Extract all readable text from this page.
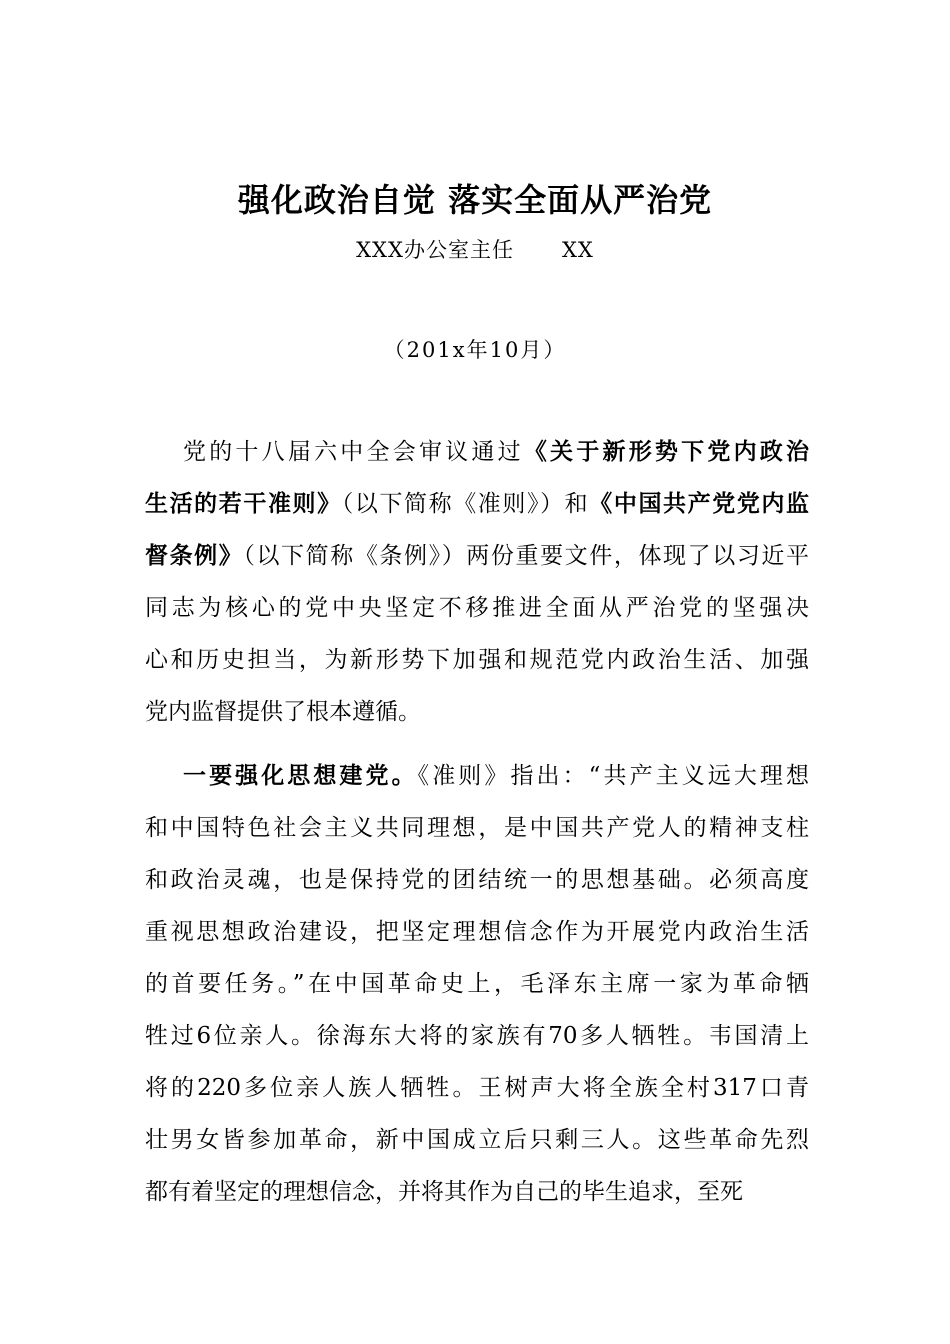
强化政治自觉 落实全面从严治党
XXX办公室主任 XX
（201x年10月）
党的十八届六中全会审议通过《关于新形势下党内政治
生活的若干准则》（以下简称《准则》）和《中国共产党党内监
督条例》（以下简称《条例》）两份重要文件，体现了以习近平
同志为核心的党中央坚定不移推进全面从严治党的坚强决
心和历史担当，为新形势下加强和规范党内政治生活、加强
党内监督提供了根本遵循。
一要强化思想建党。《准则》指出：“共产主义远大理想
和中国特色社会主义共同理想，是中国共产党人的精神支柱
和政治灵魂，也是保持党的团结统一的思想基础。必须高度
重视思想政治建设，把坚定理想信念作为开展党内政治生活
的首要任务。”在中国革命史上，毛泽东主席一家为革命牺
牲过6位亲人。徐海东大将的家族有70多人牺牲。韦国清上
将的220多位亲人族人牺牲。王树声大将全族全村317口青
壮男女皆参加革命，新中国成立后只剩三人。这些革命先烈
都有着坚定的理想信念，并将其作为自己的毕生追求，至死
